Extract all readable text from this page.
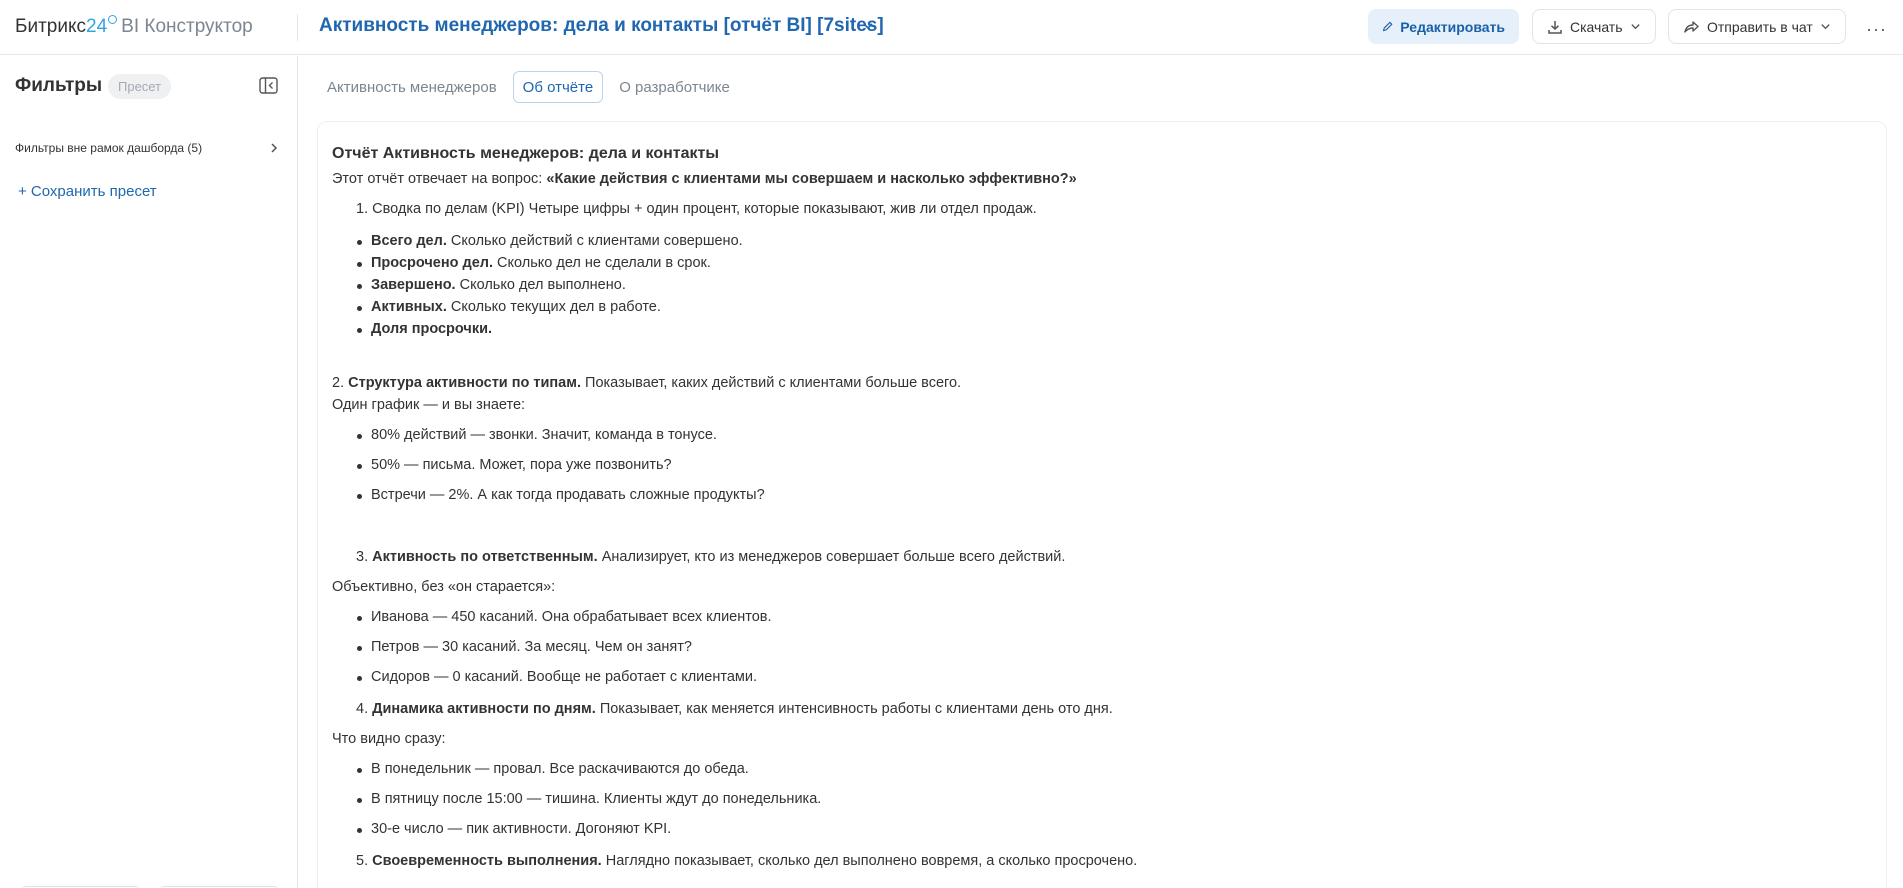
Битрикс24 BI Конструктор	Активность менеджеров: дела и контакты [отчёт BI] [7sites]	Редактировать	Скачать	Отправить в чат	···
Фильтры	Пресет
Фильтры вне рамок дашборда (5)
+ Сохранить пресет
Активность менеджеров	Об отчёте	О разработчике
Отчёт Активность менеджеров: дела и контакты
Этот отчёт отвечает на вопрос: «Какие действия с клиентами мы совершаем и насколько эффективно?»
1. Сводка по делам (KPI) Четыре цифры + один процент, которые показывают, жив ли отдел продаж.
Всего дел. Сколько действий с клиентами совершено.
Просрочено дел. Сколько дел не сделали в срок.
Завершено. Сколько дел выполнено.
Активных. Сколько текущих дел в работе.
Доля просрочки.
2. Структура активности по типам. Показывает, каких действий с клиентами больше всего.
Один график — и вы знаете:
80% действий — звонки. Значит, команда в тонусе.
50% — письма. Может, пора уже позвонить?
Встречи — 2%. А как тогда продавать сложные продукты?
3. Активность по ответственным. Анализирует, кто из менеджеров совершает больше всего действий.
Объективно, без «он старается»:
Иванова — 450 касаний. Она обрабатывает всех клиентов.
Петров — 30 касаний. За месяц. Чем он занят?
Сидоров — 0 касаний. Вообще не работает с клиентами.
4. Динамика активности по дням. Показывает, как меняется интенсивность работы с клиентами день ото дня.
Что видно сразу:
В понедельник — провал. Все раскачиваются до обеда.
В пятницу после 15:00 — тишина. Клиенты ждут до понедельника.
30-е число — пик активности. Догоняют KPI.
5. Своевременность выполнения. Наглядно показывает, сколько дел выполнено вовремя, а сколько просрочено.
